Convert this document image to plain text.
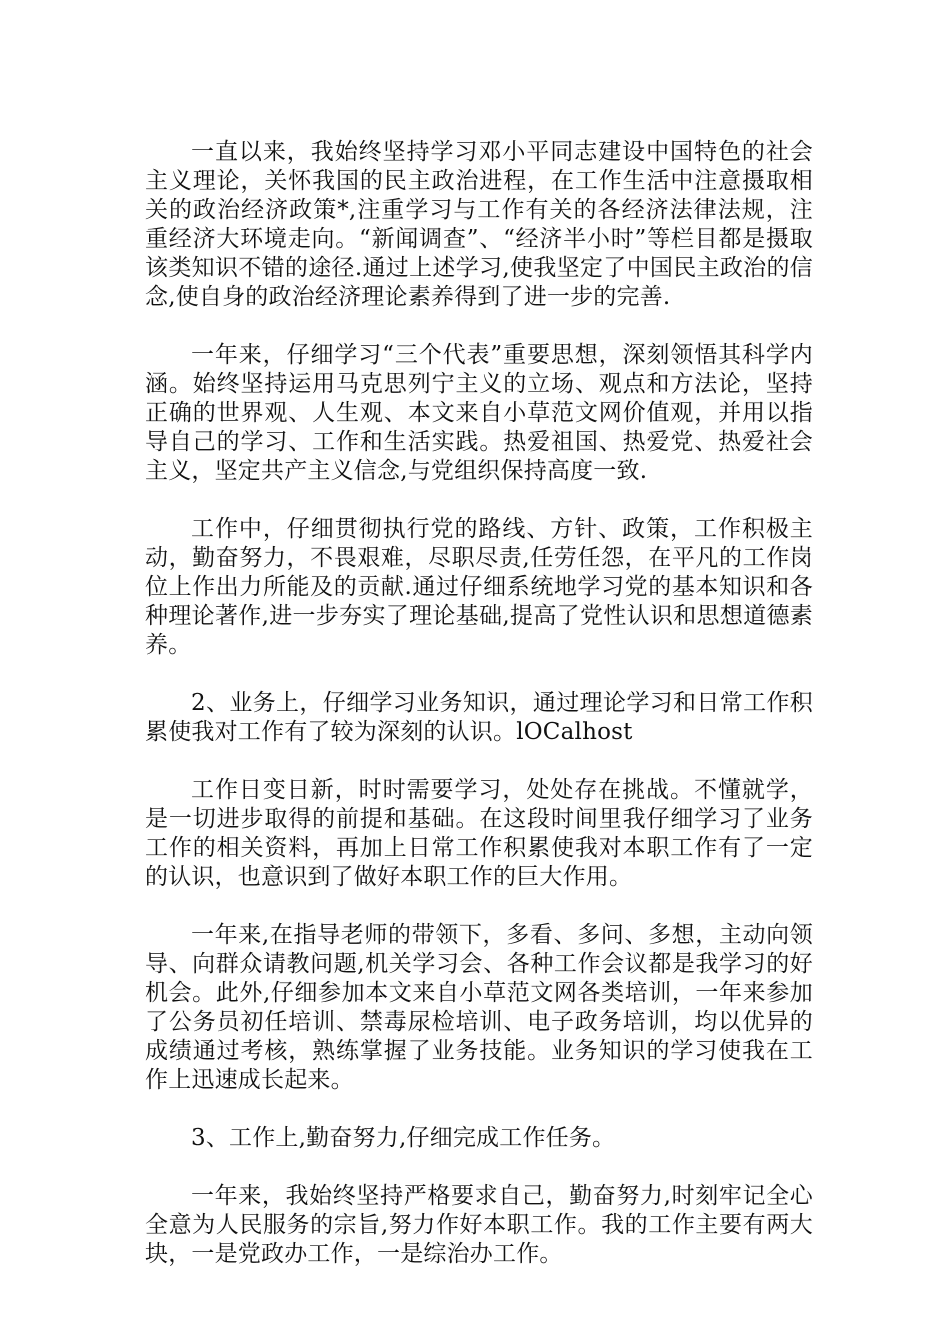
一直以来，我始终坚持学习邓小平同志建设中国特色的社会主义理论，关怀我国的民主政治进程，在工作生活中注意摄取相关的政治经济政策*,注重学习与工作有关的各经济法律法规，注重经济大环境走向。“新闻调查”、“经济半小时”等栏目都是摄取该类知识不错的途径.通过上述学习,使我坚定了中国民主政治的信念,使自身的政治经济理论素养得到了进一步的完善.

一年来，仔细学习“三个代表”重要思想，深刻领悟其科学内涵。始终坚持运用马克思列宁主义的立场、观点和方法论，坚持正确的世界观、人生观、本文来自小草范文网价值观，并用以指导自己的学习、工作和生活实践。热爱祖国、热爱党、热爱社会主义，坚定共产主义信念,与党组织保持高度一致.

工作中，仔细贯彻执行党的路线、方针、政策，工作积极主动，勤奋努力，不畏艰难，尽职尽责,任劳任怨，在平凡的工作岗位上作出力所能及的贡献.通过仔细系统地学习党的基本知识和各种理论著作,进一步夯实了理论基础,提高了党性认识和思想道德素养。

2、业务上，仔细学习业务知识，通过理论学习和日常工作积累使我对工作有了较为深刻的认识。lOCalhost

工作日变日新，时时需要学习，处处存在挑战。不懂就学，是一切进步取得的前提和基础。在这段时间里我仔细学习了业务工作的相关资料，再加上日常工作积累使我对本职工作有了一定的认识，也意识到了做好本职工作的巨大作用。

一年来,在指导老师的带领下，多看、多问、多想，主动向领导、向群众请教问题,机关学习会、各种工作会议都是我学习的好机会。此外,仔细参加本文来自小草范文网各类培训，一年来参加了公务员初任培训、禁毒尿检培训、电子政务培训，均以优异的成绩通过考核，熟练掌握了业务技能。业务知识的学习使我在工作上迅速成长起来。

3、工作上,勤奋努力,仔细完成工作任务。

一年来，我始终坚持严格要求自己，勤奋努力,时刻牢记全心全意为人民服务的宗旨,努力作好本职工作。我的工作主要有两大块，一是党政办工作，一是综治办工作。
